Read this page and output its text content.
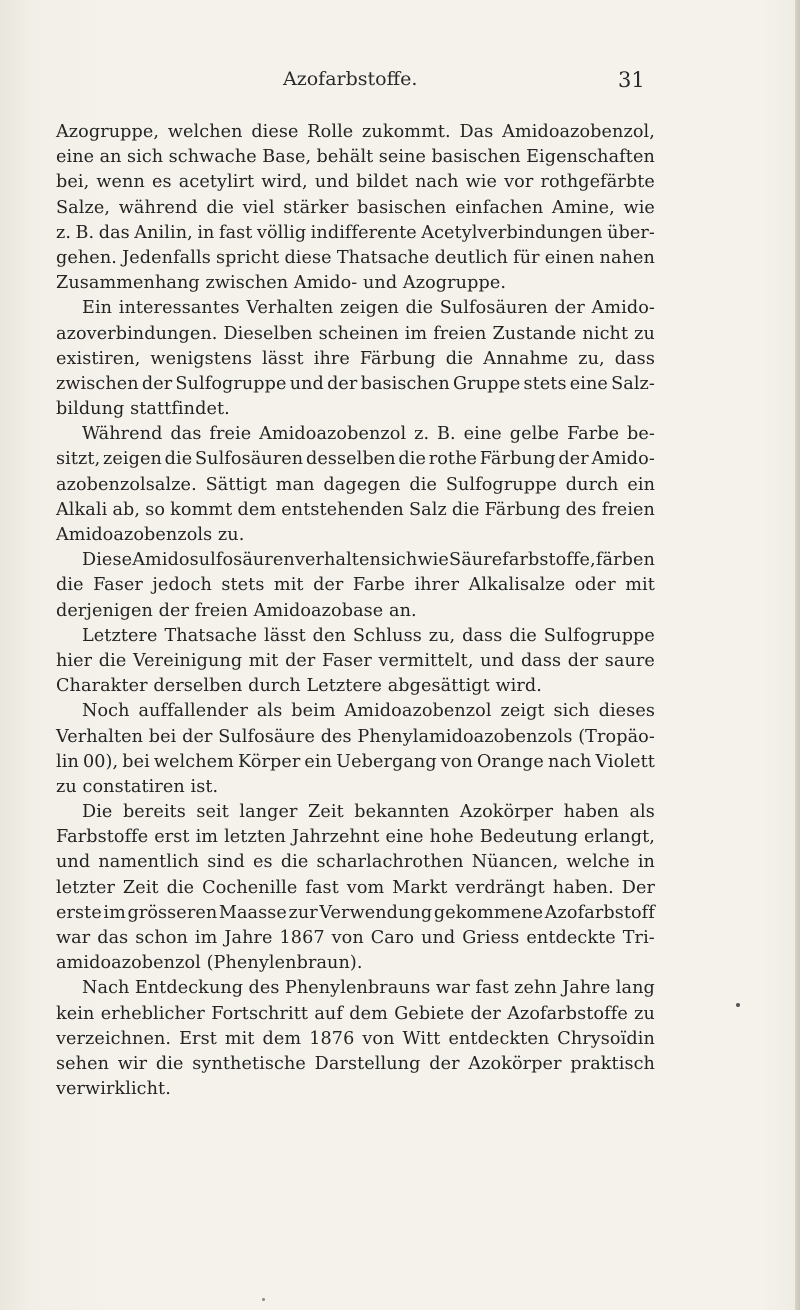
Azofarbstoffe.	31
Azogruppe, welchen diese Rolle zukommt. Das Amidoazobenzol,
eine an sich schwache Base, behält seine basischen Eigenschaften
bei, wenn es acetylirt wird, und bildet nach wie vor rothgefärbte
Salze, während die viel stärker basischen einfachen Amine, wie
z. B. das Anilin, in fast völlig indifferente Acetylverbindungen über-
gehen. Jedenfalls spricht diese Thatsache deutlich für einen nahen
Zusammenhang zwischen Amido- und Azogruppe.
Ein interessantes Verhalten zeigen die Sulfosäuren der Amido-
azoverbindungen. Dieselben scheinen im freien Zustande nicht zu
existiren, wenigstens lässt ihre Färbung die Annahme zu, dass
zwischen der Sulfogruppe und der basischen Gruppe stets eine Salz-
bildung stattfindet.
Während das freie Amidoazobenzol z. B. eine gelbe Farbe be-
sitzt, zeigen die Sulfosäuren desselben die rothe Färbung der Amido-
azobenzolsalze. Sättigt man dagegen die Sulfogruppe durch ein
Alkali ab, so kommt dem entstehenden Salz die Färbung des freien
Amidoazobenzols zu.
Diese Amidosulfosäuren verhalten sich wie Säurefarbstoffe, färben
die Faser jedoch stets mit der Farbe ihrer Alkalisalze oder mit
derjenigen der freien Amidoazobase an.
Letztere Thatsache lässt den Schluss zu, dass die Sulfogruppe
hier die Vereinigung mit der Faser vermittelt, und dass der saure
Charakter derselben durch Letztere abgesättigt wird.
Noch auffallender als beim Amidoazobenzol zeigt sich dieses
Verhalten bei der Sulfosäure des Phenylamidoazobenzols (Tropäo-
lin 00), bei welchem Körper ein Uebergang von Orange nach Violett
zu constatiren ist.
Die bereits seit langer Zeit bekannten Azokörper haben als
Farbstoffe erst im letzten Jahrzehnt eine hohe Bedeutung erlangt,
und namentlich sind es die scharlachrothen Nüancen, welche in
letzter Zeit die Cochenille fast vom Markt verdrängt haben. Der
erste im grösseren Maasse zur Verwendung gekommene Azofarbstoff
war das schon im Jahre 1867 von Caro und Griess entdeckte Tri-
amidoazobenzol (Phenylenbraun).
Nach Entdeckung des Phenylenbrauns war fast zehn Jahre lang
kein erheblicher Fortschritt auf dem Gebiete der Azofarbstoffe zu
verzeichnen. Erst mit dem 1876 von Witt entdeckten Chrysoïdin
sehen wir die synthetische Darstellung der Azokörper praktisch
verwirklicht.
